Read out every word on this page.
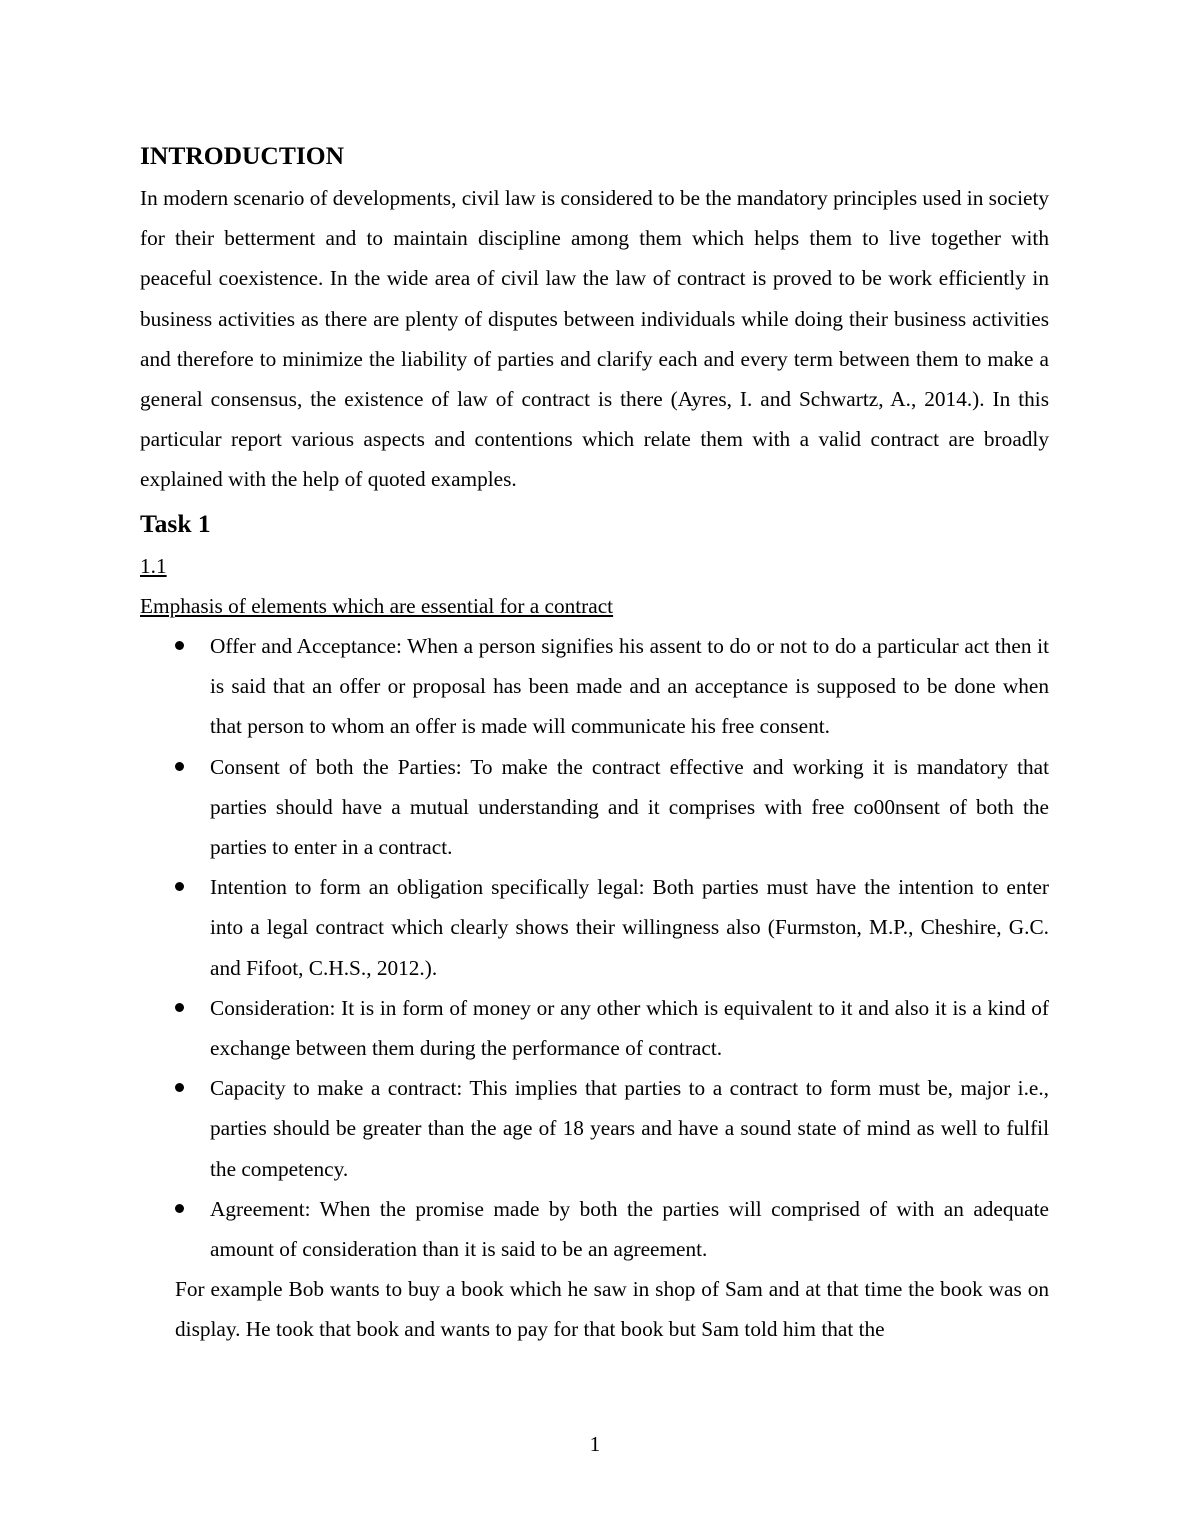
INTRODUCTION

In modern scenario of developments, civil law is considered to be the mandatory principles used in society for their betterment and to maintain discipline among them which helps them to live together with peaceful coexistence. In the wide area of civil law the law of contract is proved to be work efficiently in business activities as there are plenty of disputes between individuals while doing their business activities and therefore to minimize the liability of parties and clarify each and every term between them to make a general consensus, the existence of law of contract is there (Ayres, I. and Schwartz, A., 2014.). In this particular report various aspects and contentions which relate them with a valid contract are broadly explained with the help of quoted examples.

Task 1
1.1
Emphasis of elements which are essential for a contract
Offer and Acceptance: When a person signifies his assent to do or not to do a particular act then it is said that an offer or proposal has been made and an acceptance is supposed to be done when that person to whom an offer is made will communicate his free consent.
Consent of both the Parties: To make the contract effective and working it is mandatory that parties should have a mutual understanding and it comprises with free co00nsent of both the parties to enter in a contract.
Intention to form an obligation specifically legal: Both parties must have the intention to enter into a legal contract which clearly shows their willingness also (Furmston, M.P., Cheshire, G.C. and Fifoot, C.H.S., 2012.).
Consideration: It is in form of money or any other which is equivalent to it and also it is a kind of exchange between them during the performance of contract.
Capacity to make a contract: This implies that parties to a contract to form must be, major i.e., parties should be greater than the age of 18 years and have a sound state of mind as well to fulfil the competency.
Agreement: When the promise made by both the parties will comprised of with an adequate amount of consideration than it is said to be an agreement.

For example Bob wants to buy a book which he saw in shop of Sam and at that time the book was on display. He took that book and wants to pay for that book but Sam told him that the

1
